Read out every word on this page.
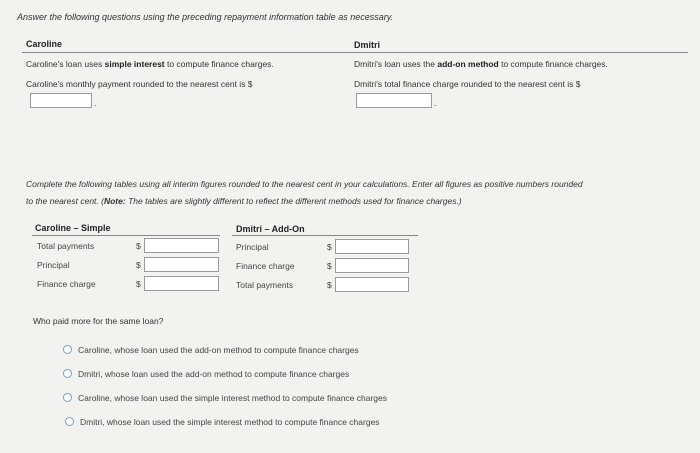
Answer the following questions using the preceding repayment information table as necessary.
Caroline	Dmitri
Caroline's loan uses simple interest to compute finance charges.	Dmitri's loan uses the add-on method to compute finance charges.
Caroline's monthly payment rounded to the nearest cent is $	Dmitri's total finance charge rounded to the nearest cent is $
.	.
Complete the following tables using all interim figures rounded to the nearest cent in your calculations. Enter all figures as positive numbers rounded
to the nearest cent. (Note: The tables are slightly different to reflect the different methods used for finance charges.)
Caroline – Simple
Total payments	$
Principal	$
Finance charge	$
Dmitri – Add-On
Principal	$
Finance charge	$
Total payments	$
Who paid more for the same loan?
Caroline, whose loan used the add-on method to compute finance charges
Dmitri, whose loan used the add-on method to compute finance charges
Caroline, whose loan used the simple interest method to compute finance charges
Dmitri, whose loan used the simple interest method to compute finance charges
